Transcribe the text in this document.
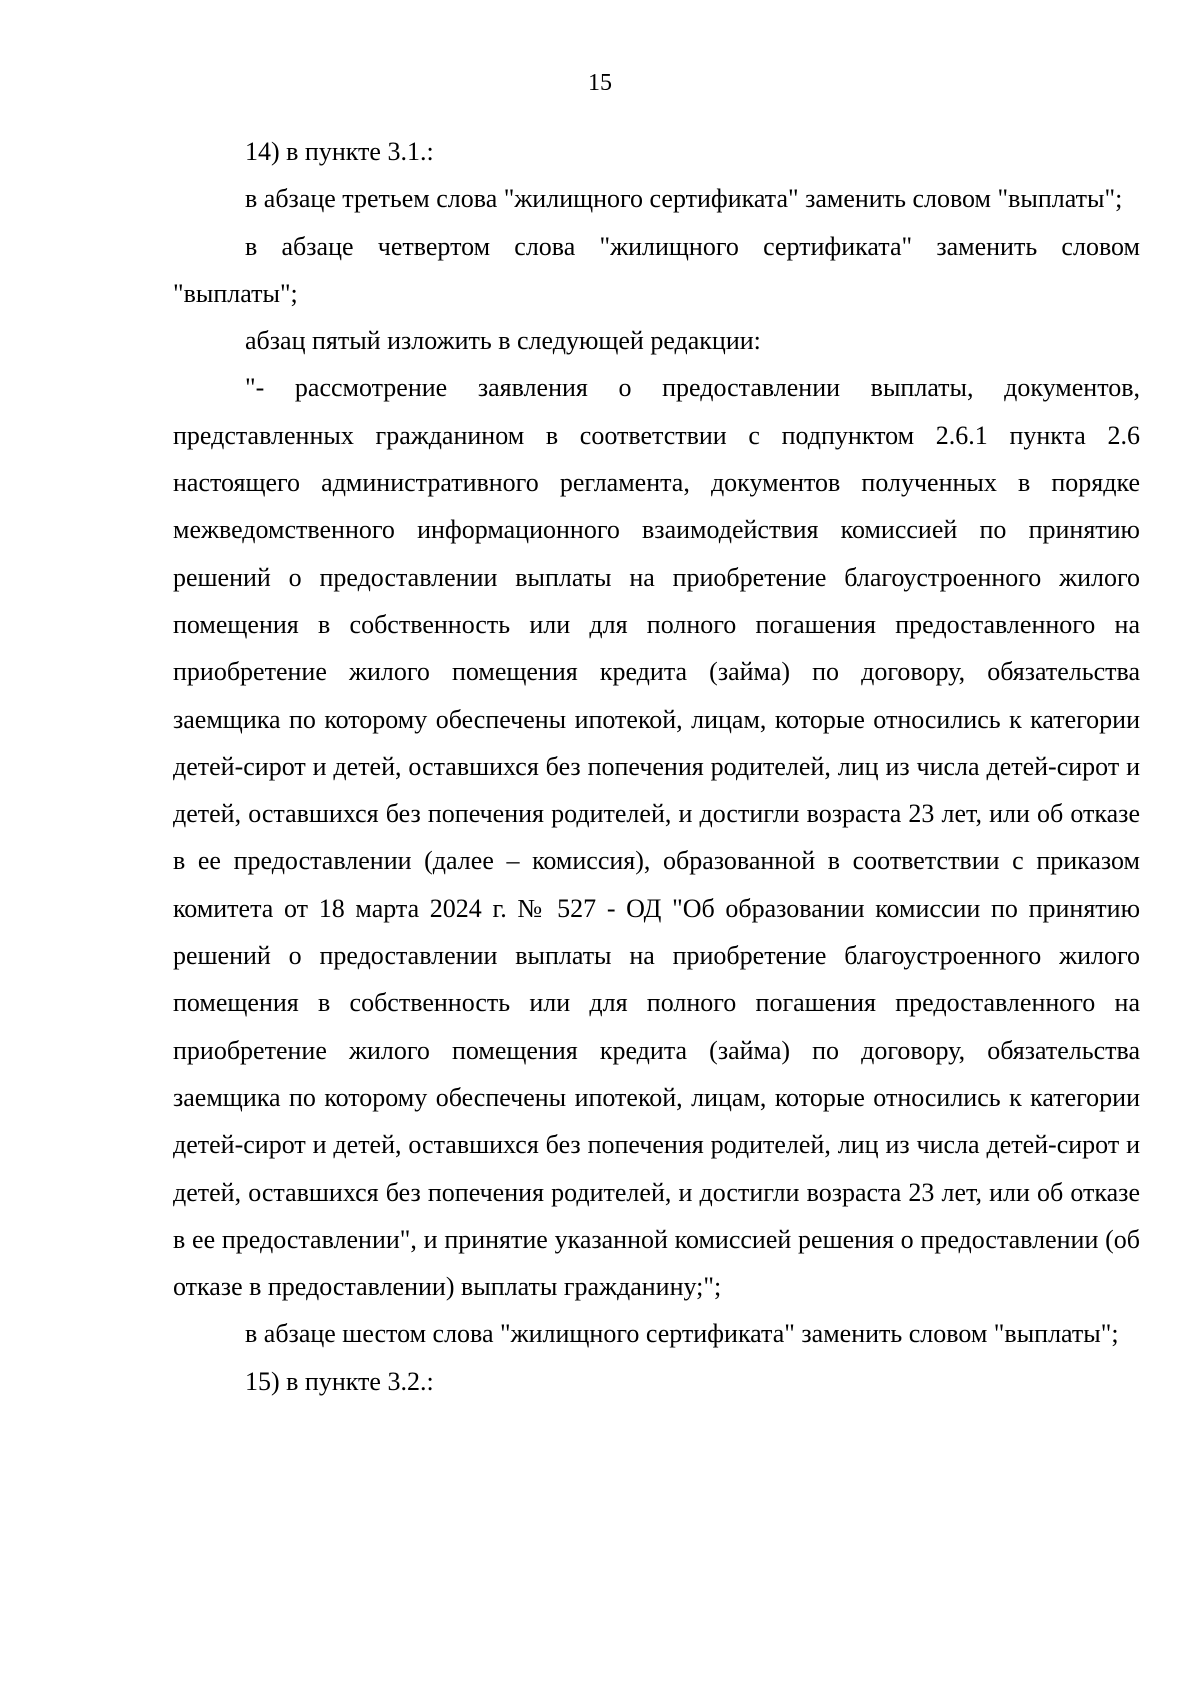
15

14) в пункте 3.1.:

в абзаце третьем слова "жилищного сертификата" заменить словом "выплаты";

в абзаце четвертом слова "жилищного сертификата" заменить словом "выплаты";

абзац пятый изложить в следующей редакции:

"- рассмотрение заявления о предоставлении выплаты, документов, представленных гражданином в соответствии с подпунктом 2.6.1 пункта 2.6 настоящего административного регламента, документов полученных в порядке межведомственного информационного взаимодействия комиссией по принятию решений о предоставлении выплаты на приобретение благоустроенного жилого помещения в собственность или для полного погашения предоставленного на приобретение жилого помещения кредита (займа) по договору, обязательства заемщика по которому обеспечены ипотекой, лицам, которые относились к категории детей-сирот и детей, оставшихся без попечения родителей, лиц из числа детей-сирот и детей, оставшихся без попечения родителей, и достигли возраста 23 лет, или об отказе в ее предоставлении (далее – комиссия), образованной в соответствии с приказом комитета от 18 марта 2024 г. № 527 - ОД "Об образовании комиссии по принятию решений о предоставлении выплаты на приобретение благоустроенного жилого помещения в собственность или для полного погашения предоставленного на приобретение жилого помещения кредита (займа) по договору, обязательства заемщика по которому обеспечены ипотекой, лицам, которые относились к категории детей-сирот и детей, оставшихся без попечения родителей, лиц из числа детей-сирот и детей, оставшихся без попечения родителей, и достигли возраста 23 лет, или об отказе в ее предоставлении", и принятие указанной комиссией решения о предоставлении (об отказе в предоставлении) выплаты гражданину;";

в абзаце шестом слова "жилищного сертификата" заменить словом "выплаты";

15) в пункте 3.2.:
